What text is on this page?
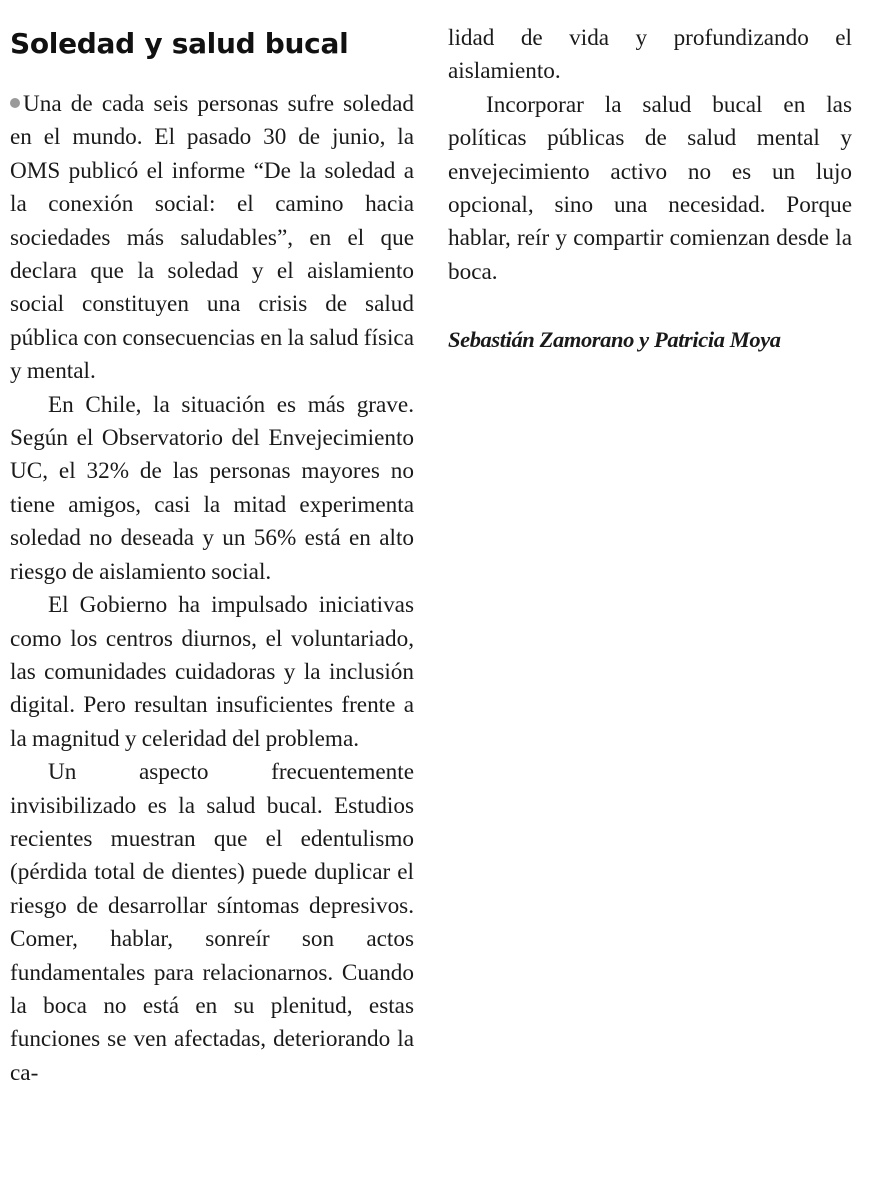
Soledad y salud bucal

Una de cada seis personas sufre soledad en el mundo. El pasado 30 de junio, la OMS publicó el informe “De la soledad a la conexión social: el camino hacia sociedades más saludables”, en el que declara que la soledad y el aislamiento social constituyen una crisis de salud pública con consecuencias en la salud física y mental.

En Chile, la situación es más grave. Según el Observatorio del Envejecimiento UC, el 32% de las personas mayores no tiene amigos, casi la mitad experimenta soledad no deseada y un 56% está en alto riesgo de aislamiento social.

El Gobierno ha impulsado iniciativas como los centros diurnos, el voluntariado, las comunidades cuidadoras y la inclusión digital. Pero resultan insuficientes frente a la magnitud y celeridad del problema.

Un aspecto frecuentemente invisibilizado es la salud bucal. Estudios recientes muestran que el edentulismo (pérdida total de dientes) puede duplicar el riesgo de desarrollar síntomas depresivos. Comer, hablar, sonreír son actos fundamentales para relacionarnos. Cuando la boca no está en su plenitud, estas funciones se ven afectadas, deteriorando la ca-

lidad de vida y profundizando el aislamiento.

Incorporar la salud bucal en las políticas públicas de salud mental y envejecimiento activo no es un lujo opcional, sino una necesidad. Porque hablar, reír y compartir comienzan desde la boca.

Sebastián Zamorano y Patricia Moya
